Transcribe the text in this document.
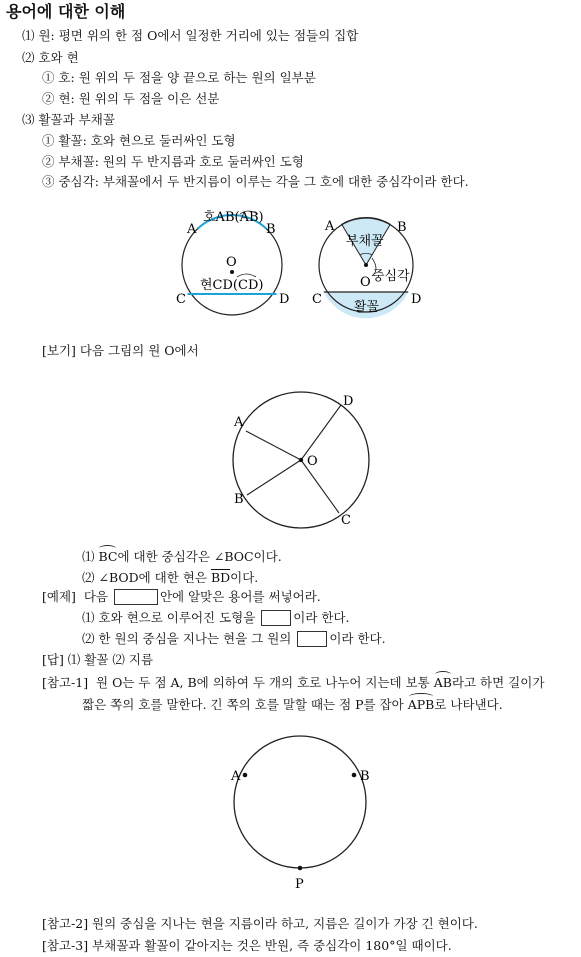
용어에 대한 이해
⑴ 원: 평면 위의 한 점 O에서 일정한 거리에 있는 점들의 집합
⑵ 호와 현
① 호: 원 위의 두 점을 양 끝으로 하는 원의 일부분
② 현: 원 위의 두 점을 이은 선분
⑶ 활꼴과 부채꼴
① 활꼴: 호와 현으로 둘러싸인 도형
② 부채꼴: 원의 두 반지름과 호로 둘러싸인 도형
③ 중심각: 부채꼴에서 두 반지름이 이루는 각을 그 호에 대한 중심각이라 한다.
호AB(AB)
A	B
O
현CD(CD)
C	D
부채꼴
중심각
활꼴
A	B
O
C	D
O
A
D
B
C
A	B
P
[보기] 다음 그림의 원 O에서
⑴
BC에 대한 중심각은 ∠BOC이다.
⑵ ∠BOD에 대한 현은 $\overline{BD}$이다.
[예제] 다음	안에 알맞은 용어를 써넣어라.
⑴ 호와 현으로 이루어진 도형을	이라 한다.
⑵ 한 원의 중심을 지나는 현을 그 원의	이라 한다.
[답] ⑴ 활꼴 ⑵ 지름
[참고-1] 원 O는 두 점 A, B에 의하여 두 개의 호로 나누어 지는데 보통
AB라고 하면 길이가
짧은 쪽의 호를 말한다. 긴 쪽의 호를 말할 때는 점 P를 잡아
APB로 나타낸다.
[참고-2] 원의 중심을 지나는 현을 지름이라 하고, 지름은 길이가 가장 긴 현이다.
[참고-3] 부채꼴과 활꼴이 같아지는 것은 반원, 즉 중심각이 180°일 때이다.
